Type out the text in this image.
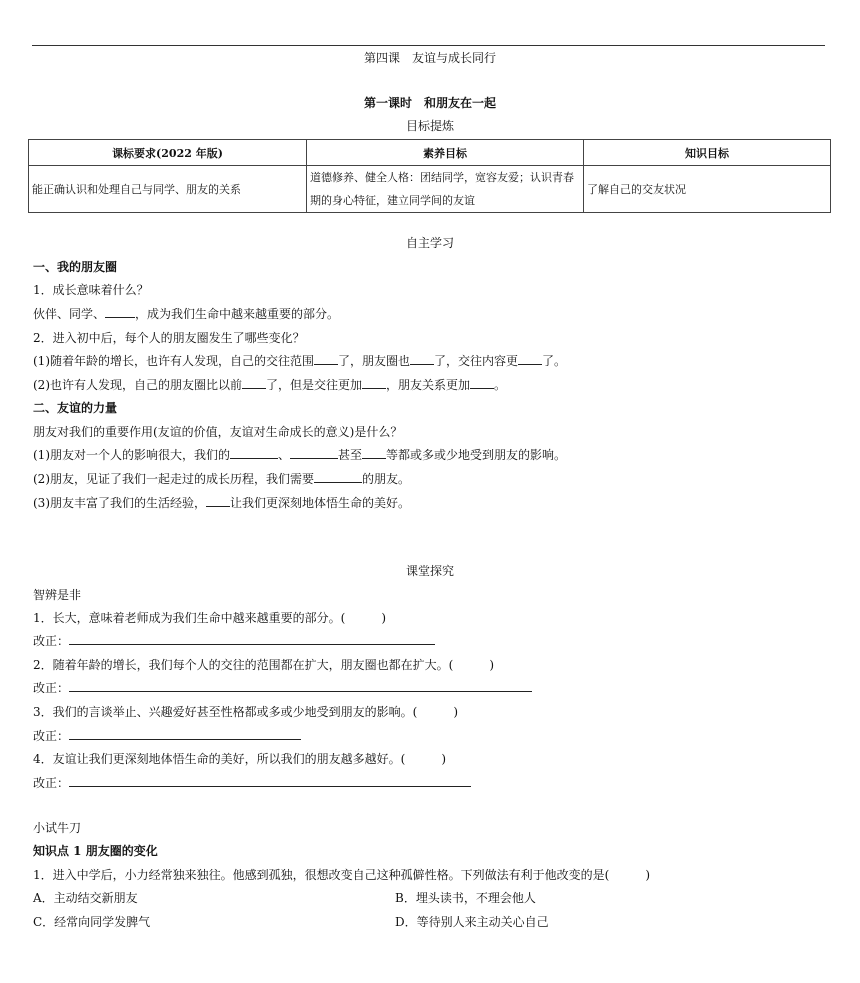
第四课　友谊与成长同行
第一课时　和朋友在一起
目标提炼
课标要求(2022 年版)	素养目标	知识目标
能正确认识和处理自己与同学、朋友的关系	道德修养、健全人格：团结同学，宽容友爱；认识青春期的身心特征，建立同学间的友谊	了解自己的交友状况
自主学习
一、我的朋友圈
1．成长意味着什么？
伙伴、同学、	，成为我们生命中越来越重要的部分。
2．进入初中后，每个人的朋友圈发生了哪些变化？
(1)随着年龄的增长，也许有人发现，自己的交往范围 了，朋友圈也 了，交往内容更 了。
(2)也许有人发现，自己的朋友圈比以前 了，但是交往更加 ，朋友关系更加 。
二、友谊的力量
朋友对我们的重要作用(友谊的价值，友谊对生命成长的意义)是什么？
(1)朋友对一个人的影响很大，我们的	、	甚至 等都或多或少地受到朋友的影响。
(2)朋友，见证了我们一起走过的成长历程，我们需要	的朋友。
(3)朋友丰富了我们的生活经验， 让我们更深刻地体悟生命的美好。
课堂探究
智辨是非
1．长大，意味着老师成为我们生命中越来越重要的部分。(　　　)
改正：
2．随着年龄的增长，我们每个人的交往的范围都在扩大，朋友圈也都在扩大。(　　　)
改正：
3．我们的言谈举止、兴趣爱好甚至性格都或多或少地受到朋友的影响。(　　　)
改正：
4．友谊让我们更深刻地体悟生命的美好，所以我们的朋友越多越好。(　　　)
改正：
小试牛刀
知识点 1 朋友圈的变化
1．进入中学后，小力经常独来独往。他感到孤独，很想改变自己这种孤僻性格。下列做法有利于他改变的是(　　　)
A．主动结交新朋友	B．埋头读书，不理会他人
C．经常向同学发脾气	D．等待别人来主动关心自己
